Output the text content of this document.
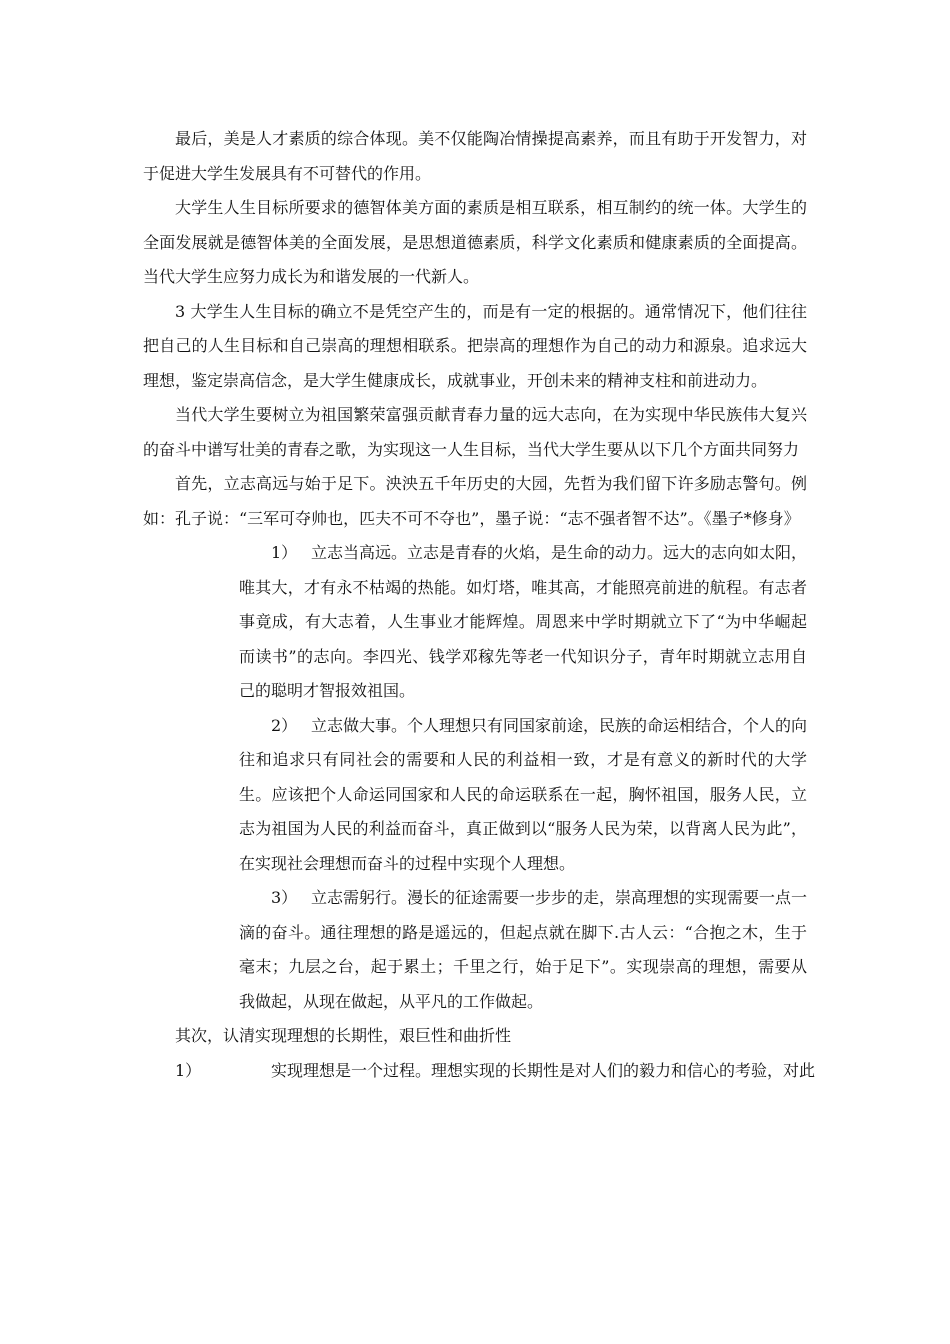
最后，美是人才素质的综合体现。美不仅能陶冶情操提高素养，而且有助于开发智力，对于促进大学生发展具有不可替代的作用。

大学生人生目标所要求的德智体美方面的素质是相互联系，相互制约的统一体。大学生的全面发展就是德智体美的全面发展，是思想道德素质，科学文化素质和健康素质的全面提高。当代大学生应努力成长为和谐发展的一代新人。

3 大学生人生目标的确立不是凭空产生的，而是有一定的根据的。通常情况下，他们往往把自己的人生目标和自己崇高的理想相联系。把崇高的理想作为自己的动力和源泉。追求远大理想，鉴定崇高信念，是大学生健康成长，成就事业，开创未来的精神支柱和前进动力。

当代大学生要树立为祖国繁荣富强贡献青春力量的远大志向，在为实现中华民族伟大复兴的奋斗中谱写壮美的青春之歌，为实现这一人生目标，当代大学生要从以下几个方面共同努力

首先，立志高远与始于足下。泱泱五千年历史的大园，先哲为我们留下许多励志警句。例如：孔子说：“三军可夺帅也，匹夫不可不夺也”，墨子说：“志不强者智不达”。《墨子*修身》

1） 立志当高远。立志是青春的火焰，是生命的动力。远大的志向如太阳，唯其大，才有永不枯竭的热能。如灯塔，唯其高，才能照亮前进的航程。有志者事竟成，有大志着，人生事业才能辉煌。周恩来中学时期就立下了“为中华崛起而读书”的志向。李四光、钱学邓稼先等老一代知识分子，青年时期就立志用自己的聪明才智报效祖国。

2） 立志做大事。个人理想只有同国家前途，民族的命运相结合，个人的向往和追求只有同社会的需要和人民的利益相一致，才是有意义的新时代的大学生。应该把个人命运同国家和人民的命运联系在一起，胸怀祖国，服务人民，立志为祖国为人民的利益而奋斗，真正做到以“服务人民为荣，以背离人民为此”，在实现社会理想而奋斗的过程中实现个人理想。

3） 立志需躬行。漫长的征途需要一步步的走，崇高理想的实现需要一点一滴的奋斗。通往理想的路是遥远的，但起点就在脚下.古人云：“合抱之木，生于毫末；九层之台，起于累土；千里之行，始于足下”。实现崇高的理想，需要从我做起，从现在做起，从平凡的工作做起。

其次，认清实现理想的长期性，艰巨性和曲折性

1）	实现理想是一个过程。理想实现的长期性是对人们的毅力和信心的考验，对此
